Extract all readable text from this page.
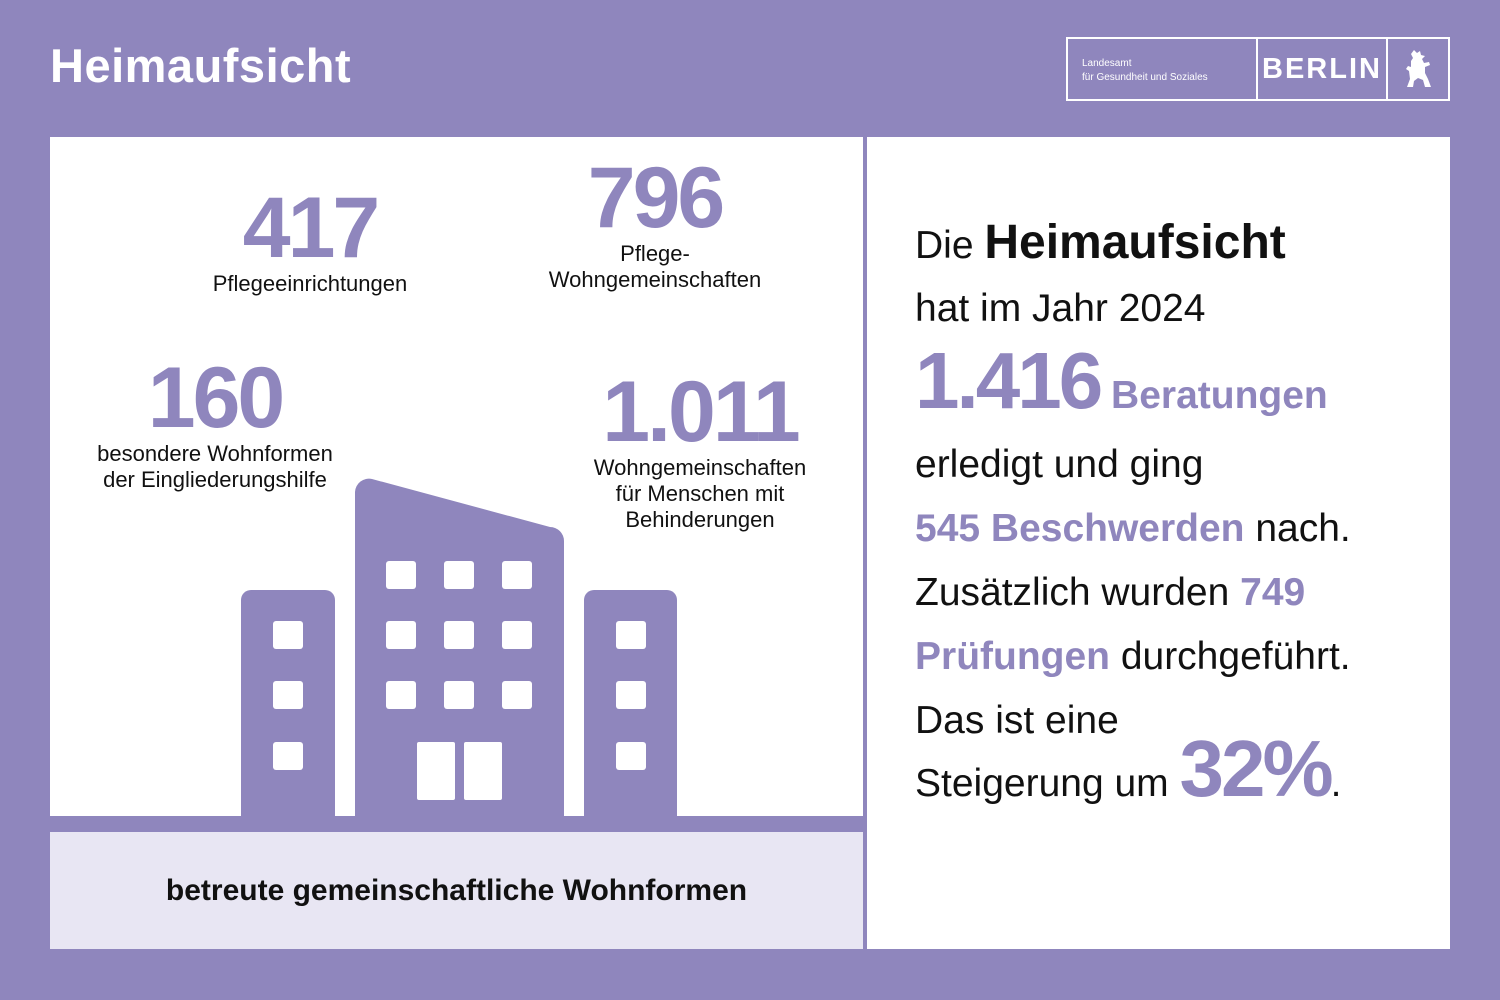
Heimaufsicht	Landesamt
für Gesundheit und Soziales	BERLIN
417
Pflegeeinrichtungen
796
Pflege-
Wohngemeinschaften
160
besondere Wohnformen
der Eingliederungshilfe
1.011
Wohngemeinschaften
für Menschen mit
Behinderungen
betreute gemeinschaftliche Wohnformen
Die Heimaufsicht
hat im Jahr 2024
1.416 Beratungen
erledigt und ging
545 Beschwerden nach.
Zusätzlich wurden 749
Prüfungen durchgeführt.
Das ist eine
Steigerung um 32%.
